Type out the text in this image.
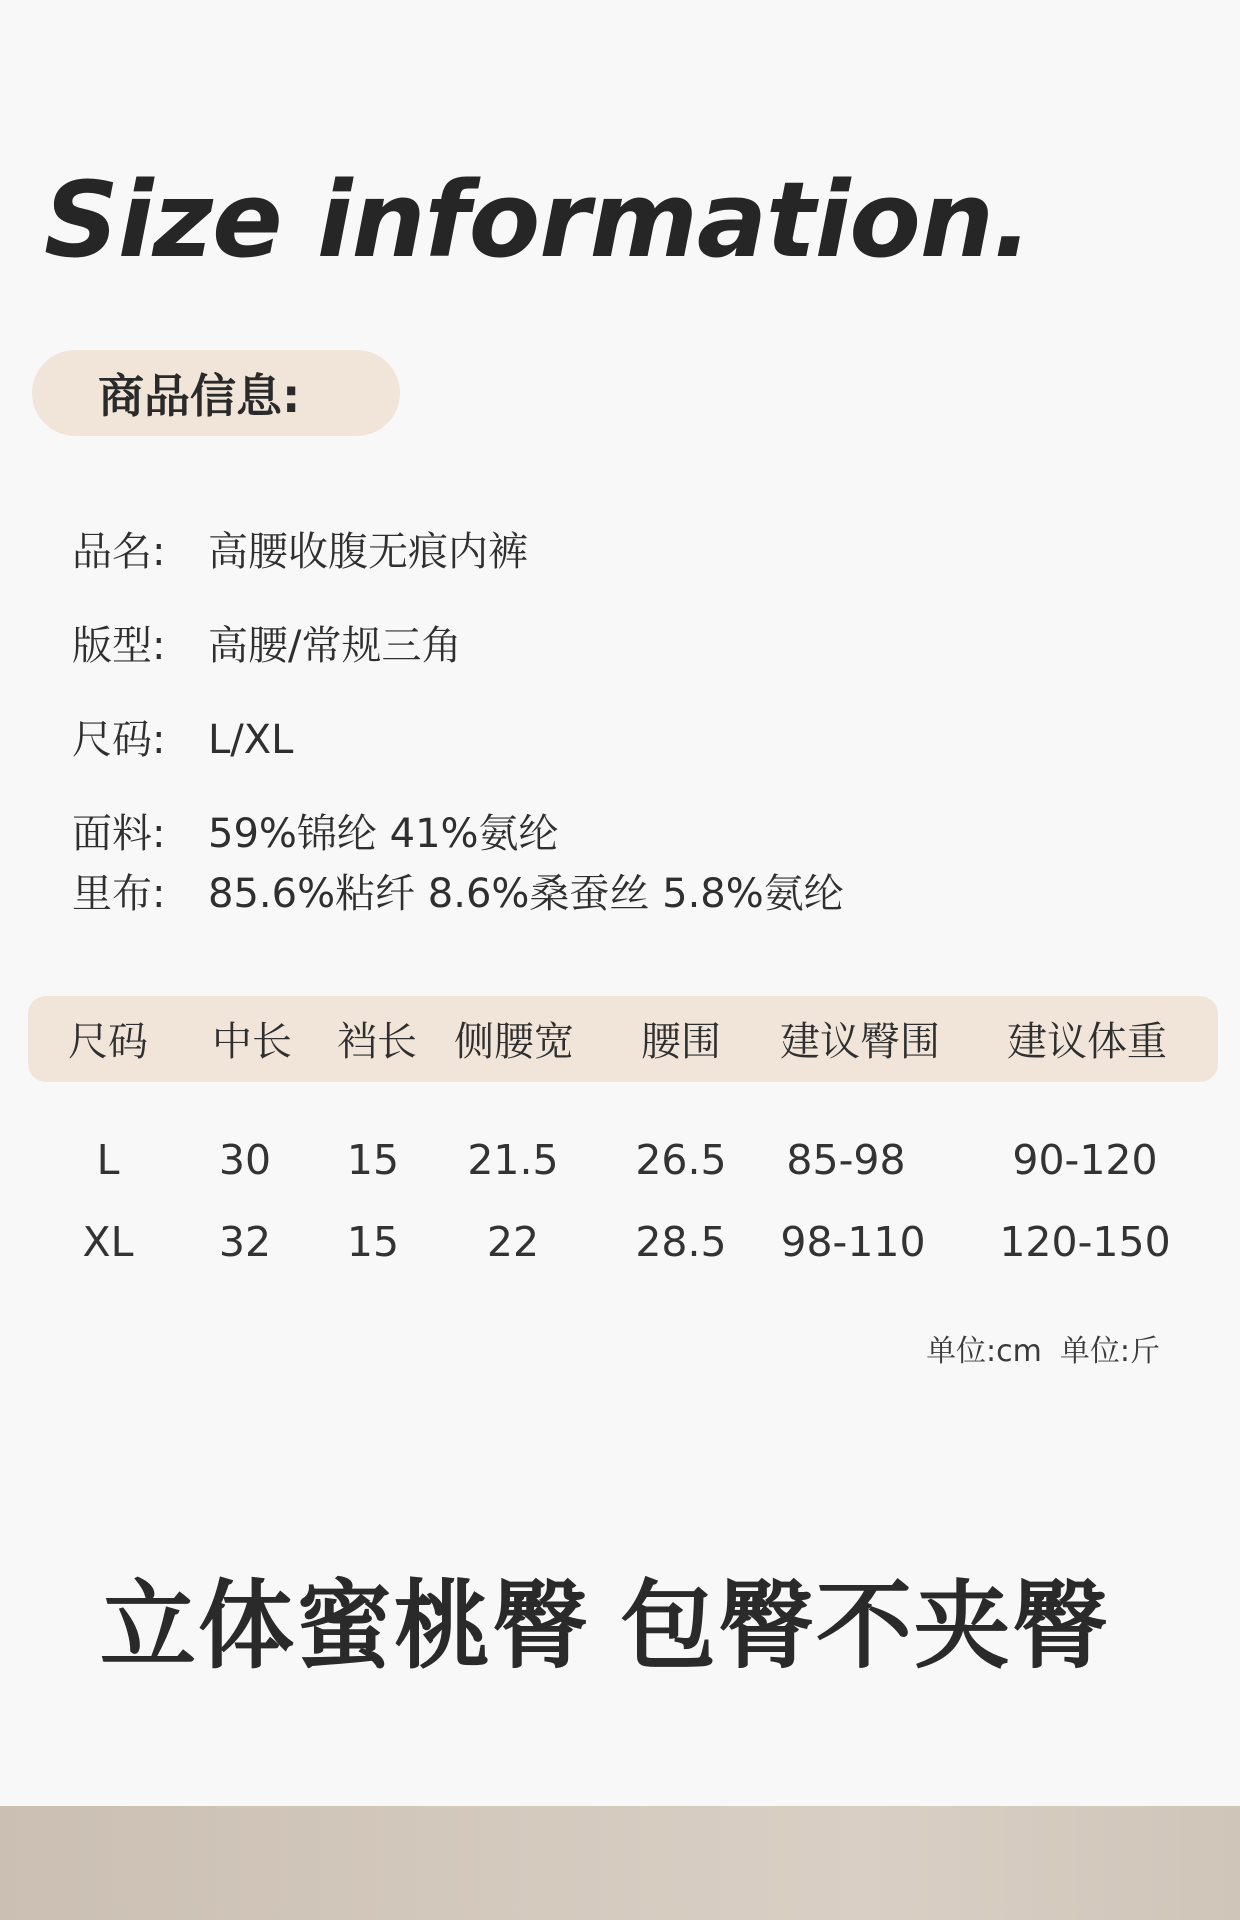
Size information.
商品信息:
品名: 高腰收腹无痕内裤
版型: 高腰/常规三角
尺码: L/XL
面料: 59%锦纶 41%氨纶
里布: 85.6%粘纤 8.6%桑蚕丝 5.8%氨纶
尺码 中长 裆长 侧腰宽 腰围 建议臀围 建议体重
L 30 15 21.5 26.5 85-98	90-120
XL 32 15 22 28.5 98-110 120-150
单位:cm 单位:斤
立体蜜桃臀 包臀不夹臀
